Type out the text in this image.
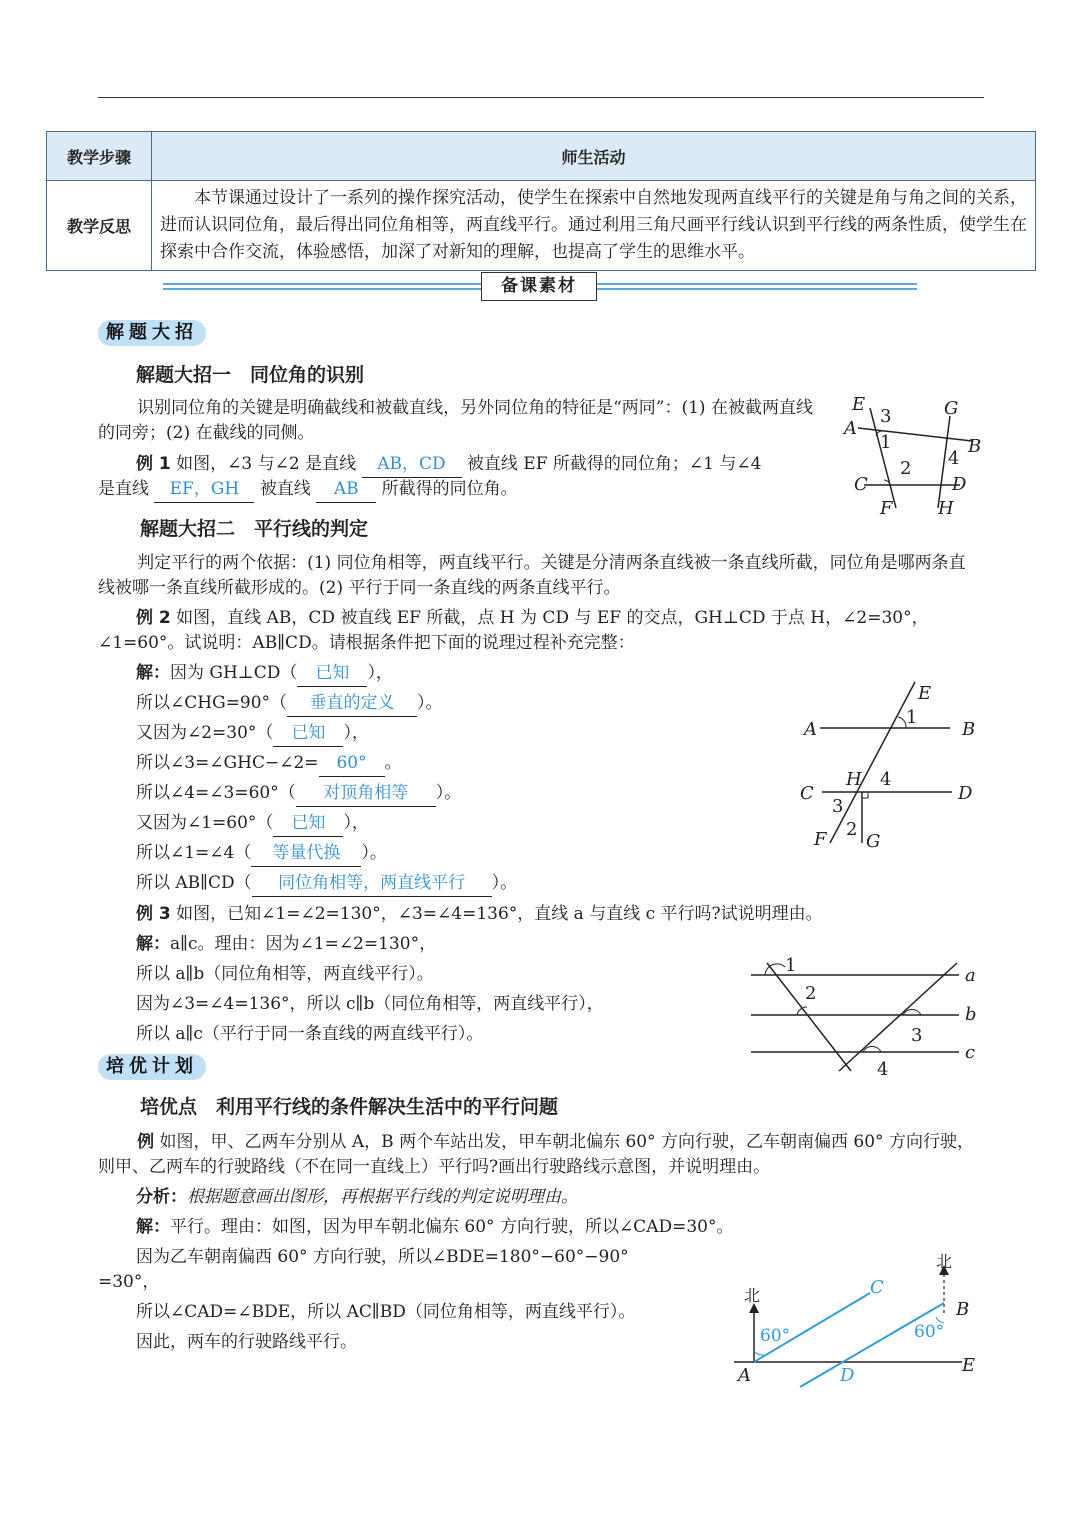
教学步骤	师生活动
教学反思	本节课通过设计了一系列的操作探究活动，使学生在探索中自然地发现两直线平行的关键是角与角之间的关系，进而认识同位角，最后得出同位角相等，两直线平行。通过利用三角尺画平行线认识到平行线的两条性质，使学生在探索中合作交流，体验感悟，加深了对新知的理解，也提高了学生的思维水平。
备课素材
解题大招
解题大招一　同位角的识别
识别同位角的关键是明确截线和被截直线，另外同位角的特征是“两同”：(1) 在被截两直线的同旁；(2) 在截线的同侧。
例 1 如图，∠3 与∠2 是直线 AB，CD 被直线 EF 所截得的同位角；∠1 与∠4
是直线 EF，GH 被直线 AB 所截得的同位角。
解题大招二　平行线的判定
判定平行的两个依据：(1) 同位角相等，两直线平行。关键是分清两条直线被一条直线所截，同位角是哪两条直线被哪一条直线所截形成的。(2) 平行于同一条直线的两条直线平行。
例 2 如图，直线 AB，CD 被直线 EF 所截，点 H 为 CD 与 EF 的交点，GH⊥CD 于点 H，∠2=30°，
∠1=60°。试说明：AB∥CD。请根据条件把下面的说理过程补充完整：
解：因为 GH⊥CD（ 已知 ），
所以∠CHG=90°（ 垂直的定义 ）。
又因为∠2=30°（ 已知 ），
所以∠3=∠GHC−∠2= 60° 。
所以∠4=∠3=60°（ 对顶角相等 ）。
又因为∠1=60°（ 已知 ），
所以∠1=∠4（ 等量代换 ）。
所以 AB∥CD（ 同位角相等，两直线平行 ）。
例 3 如图，已知∠1=∠2=130°，∠3=∠4=136°，直线 a 与直线 c 平行吗?试说明理由。
解：a∥c。理由：因为∠1=∠2=130°，
所以 a∥b（同位角相等，两直线平行）。
因为∠3=∠4=136°，所以 c∥b（同位角相等，两直线平行），
所以 a∥c（平行于同一条直线的两直线平行）。
培优计划
培优点　利用平行线的条件解决生活中的平行问题
例 如图，甲、乙两车分别从 A，B 两个车站出发，甲车朝北偏东 60° 方向行驶，乙车朝南偏西 60° 方向行驶，则甲、乙两车的行驶路线（不在同一直线上）平行吗?画出行驶路线示意图，并说明理由。
分析：根据题意画出图形，再根据平行线的判定说明理由。
解：平行。理由：如图，因为甲车朝北偏东 60° 方向行驶，所以∠CAD=30°。
因为乙车朝南偏西 60° 方向行驶，所以∠BDE=180°−60°−90°
=30°，
所以∠CAD=∠BDE，所以 AC∥BD（同位角相等，两直线平行）。
因此，两车的行驶路线平行。
E	G
A
B
C	D
F	H
3
1
2 4
A	B
C	D
E
F G
H
1
2
3
4
a
b
c
1
2
3
4
北
北
A
B
C
D	E
60°	60°
